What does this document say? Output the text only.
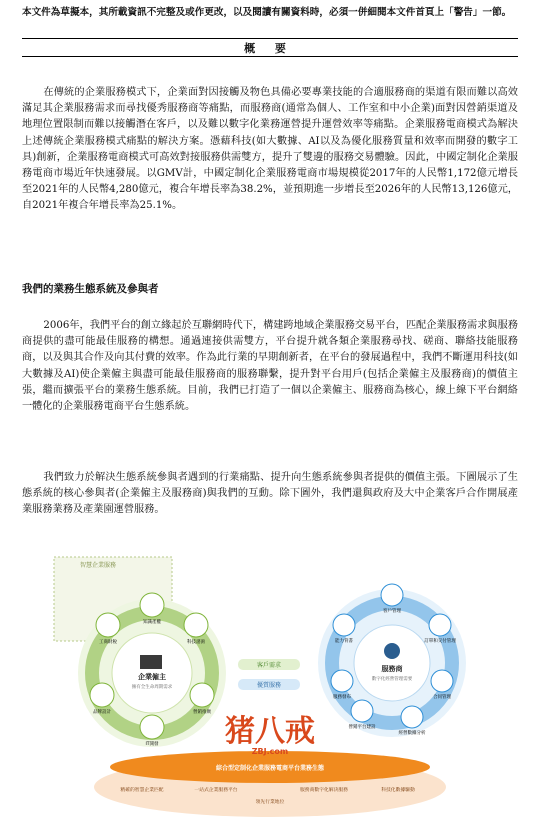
本文件為草擬本，其所載資訊不完整及或作更改，以及閱讀有關資料時，必須一併細閱本文件首頁上「警告」一節。
概 要

在傳統的企業服務模式下，企業面對因接觸及物色具備必要專業技能的合適服務商的渠道有限而難以高效滿足其企業服務需求而尋找優秀服務商等痛點，而服務商(通常為個人、工作室和中小企業)面對因營銷渠道及地理位置限制而難以接觸潛在客戶，以及難以數字化業務運營提升運營效率等痛點。企業服務電商模式為解決上述傳統企業服務模式痛點的解決方案。憑藉科技(如大數據、AI以及為優化服務質量和效率而開發的數字工具)創新，企業服務電商模式可高效對接服務供需雙方，提升了雙邊的服務交易體驗。因此，中國定制化企業服務電商市場近年快速發展。以GMV計，中國定制化企業服務電商市場規模從2017年的人民幣1,172億元增長至2021年的人民幣4,280億元，複合年增長率為38.2%，並預期進一步增長至2026年的人民幣13,126億元，自2021年複合年增長率為25.1%。

我們的業務生態系統及參與者

2006年，我們平台的創立緣起於互聯網時代下，構建跨地域企業服務交易平台，匹配企業服務需求與服務商提供的盡可能最佳服務的構想。通過連接供需雙方，平台提升就各類企業服務尋找、磋商、聯絡技能服務商，以及與其合作及向其付費的效率。作為此行業的早期創新者，在平台的發展過程中，我們不斷運用科技(如大數據及AI)使企業僱主與盡可能最佳服務商的服務聯繫，提升對平台用戶(包括企業僱主及服務商)的價值主張，繼而擴張平台的業務生態系統。目前，我們已打造了一個以企業僱主、服務商為核心，線上線下平台網絡一體化的企業服務電商平台生態系統。

我們致力於解決生態系統參與者遇到的行業痛點、提升向生態系統參與者提供的價值主張。下圖展示了生態系統的核心參與者(企業僱主及服務商)與我們的互動。除下圖外，我們還與政府及大中企業客戶合作開展產業服務業務及產業園運營服務。

智慧企業服務
企業僱主
擁有全生命周期需求
工商財稅
知識產權
科技諮詢
品牌設計	營銷推廣
IT開發
客戶需求
優質服務
服務商
數字化經營管理需要
客戶管理
能力背書	訂單和交付管理
服務發布
營銷平台建設
合同管理
經營數據分析
綜合型定制化企業服務電商平台業務生態
猪八戒
ZBJ.com
精確的智慧企業匹配	一站式企業服務平台
領先行業地位
服務商數字化解決服務	科技化數據驅動
